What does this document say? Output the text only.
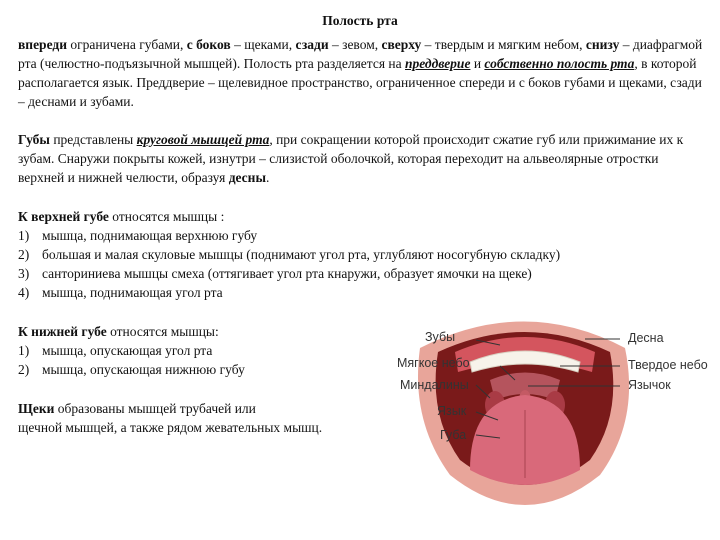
Полость рта

впереди ограничена губами, с боков – щеками, сзади – зевом, сверху – твердым и мягким небом, снизу – диафрагмой рта (челюстно-подъязычной мышцей). Полость рта разделяется на преддверие и собственно полость рта, в которой располагается язык. Преддверие – щелевидное пространство, ограниченное спереди и с боков губами и щеками, сзади – деснами и зубами.

Губы представлены круговой мышцей рта, при сокращении которой происходит сжатие губ или прижимание их к зубам. Снаружи покрыты кожей, изнутри – слизистой оболочкой, которая переходит на альвеолярные отростки верхней и нижней челюсти, образуя десны.

К верхней губе относятся мышцы :
1) мышца, поднимающая верхнюю губу
2) большая и малая скуловые мышцы (поднимают угол рта, углубляют носогубную складку)
3) санториниева мышцы смеха (оттягивает угол рта кнаружи, образует ямочки на щеке)
4) мышца, поднимающая угол рта
К нижней губе относятся мышцы:
1) мышца, опускающая угол рта
2) мышца, опускающая нижнюю губу
Щеки образованы мышцей трубачей или
щечной мышцей, а также рядом жевательных мышц.
Зубы
Мягкое небо
Миндалины
Язык
Губа
Десна
Твердое небо
Язычок
